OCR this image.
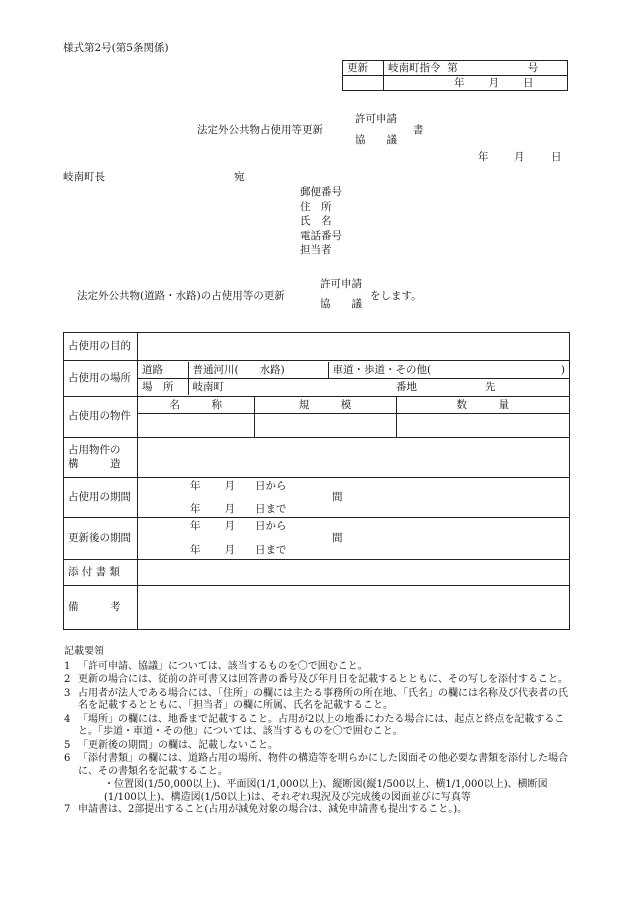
様式第2号(第5条関係)
更新	岐南町指令 第 号
	年 月 日
法定外公共物占使用等更新
許可申請
協　　議
書
年 月	日
岐南町長	宛
郵便番号
住　所
氏　名
電話番号
担当者
法定外公共物(道路・水路)の占使用等の更新
許可申請
協　　議
をします。
占使用の目的	
占使用の場所	
道路	普通河川(　　水路)	車道・歩道・その他(	)
場　所	岐南町	番地	先

占使用の物件	
名　　　称	規　　　模	数　　　量

占用物件の
構　　　造

占使用の期間	
年 月 日から
間
年 月 日まで

更新後の期間	
年 月 日から
間
年 月 日まで

添 付 書 類	
備　　　考	
記載要領
1 「許可申請、協議」については、該当するものを〇で囲むこと。
2 更新の場合には、従前の許可書又は回答書の番号及び年月日を記載するとともに、その写しを添付すること。
3 占用者が法人である場合には、「住所」の欄には主たる事務所の所在地、「氏名」の欄には名称及び代表者の氏名を記載するとともに、「担当者」の欄に所属、氏名を記載すること。
4 「場所」の欄には、地番まで記載すること。占用が2以上の地番にわたる場合には、起点と終点を記載すること。「歩道・車道・その他」については、該当するものを〇で囲むこと。
5 「更新後の期間」の欄は、記載しないこと。
6 「添付書類」の欄には、道路占用の場所、物件の構造等を明らかにした図面その他必要な書類を添付した場合に、その書類名を記載すること。
・位置図(1/50,000以上)、平面図(1/1,000以上)、縦断図(縦1/500以上、横1/1,000以上)、横断図(1/100以上)、構造図(1/50以上)は、それぞれ現況及び完成後の図面並びに写真等
7 申請書は、2部提出すること(占用が減免対象の場合は、減免申請書も提出すること。)。
